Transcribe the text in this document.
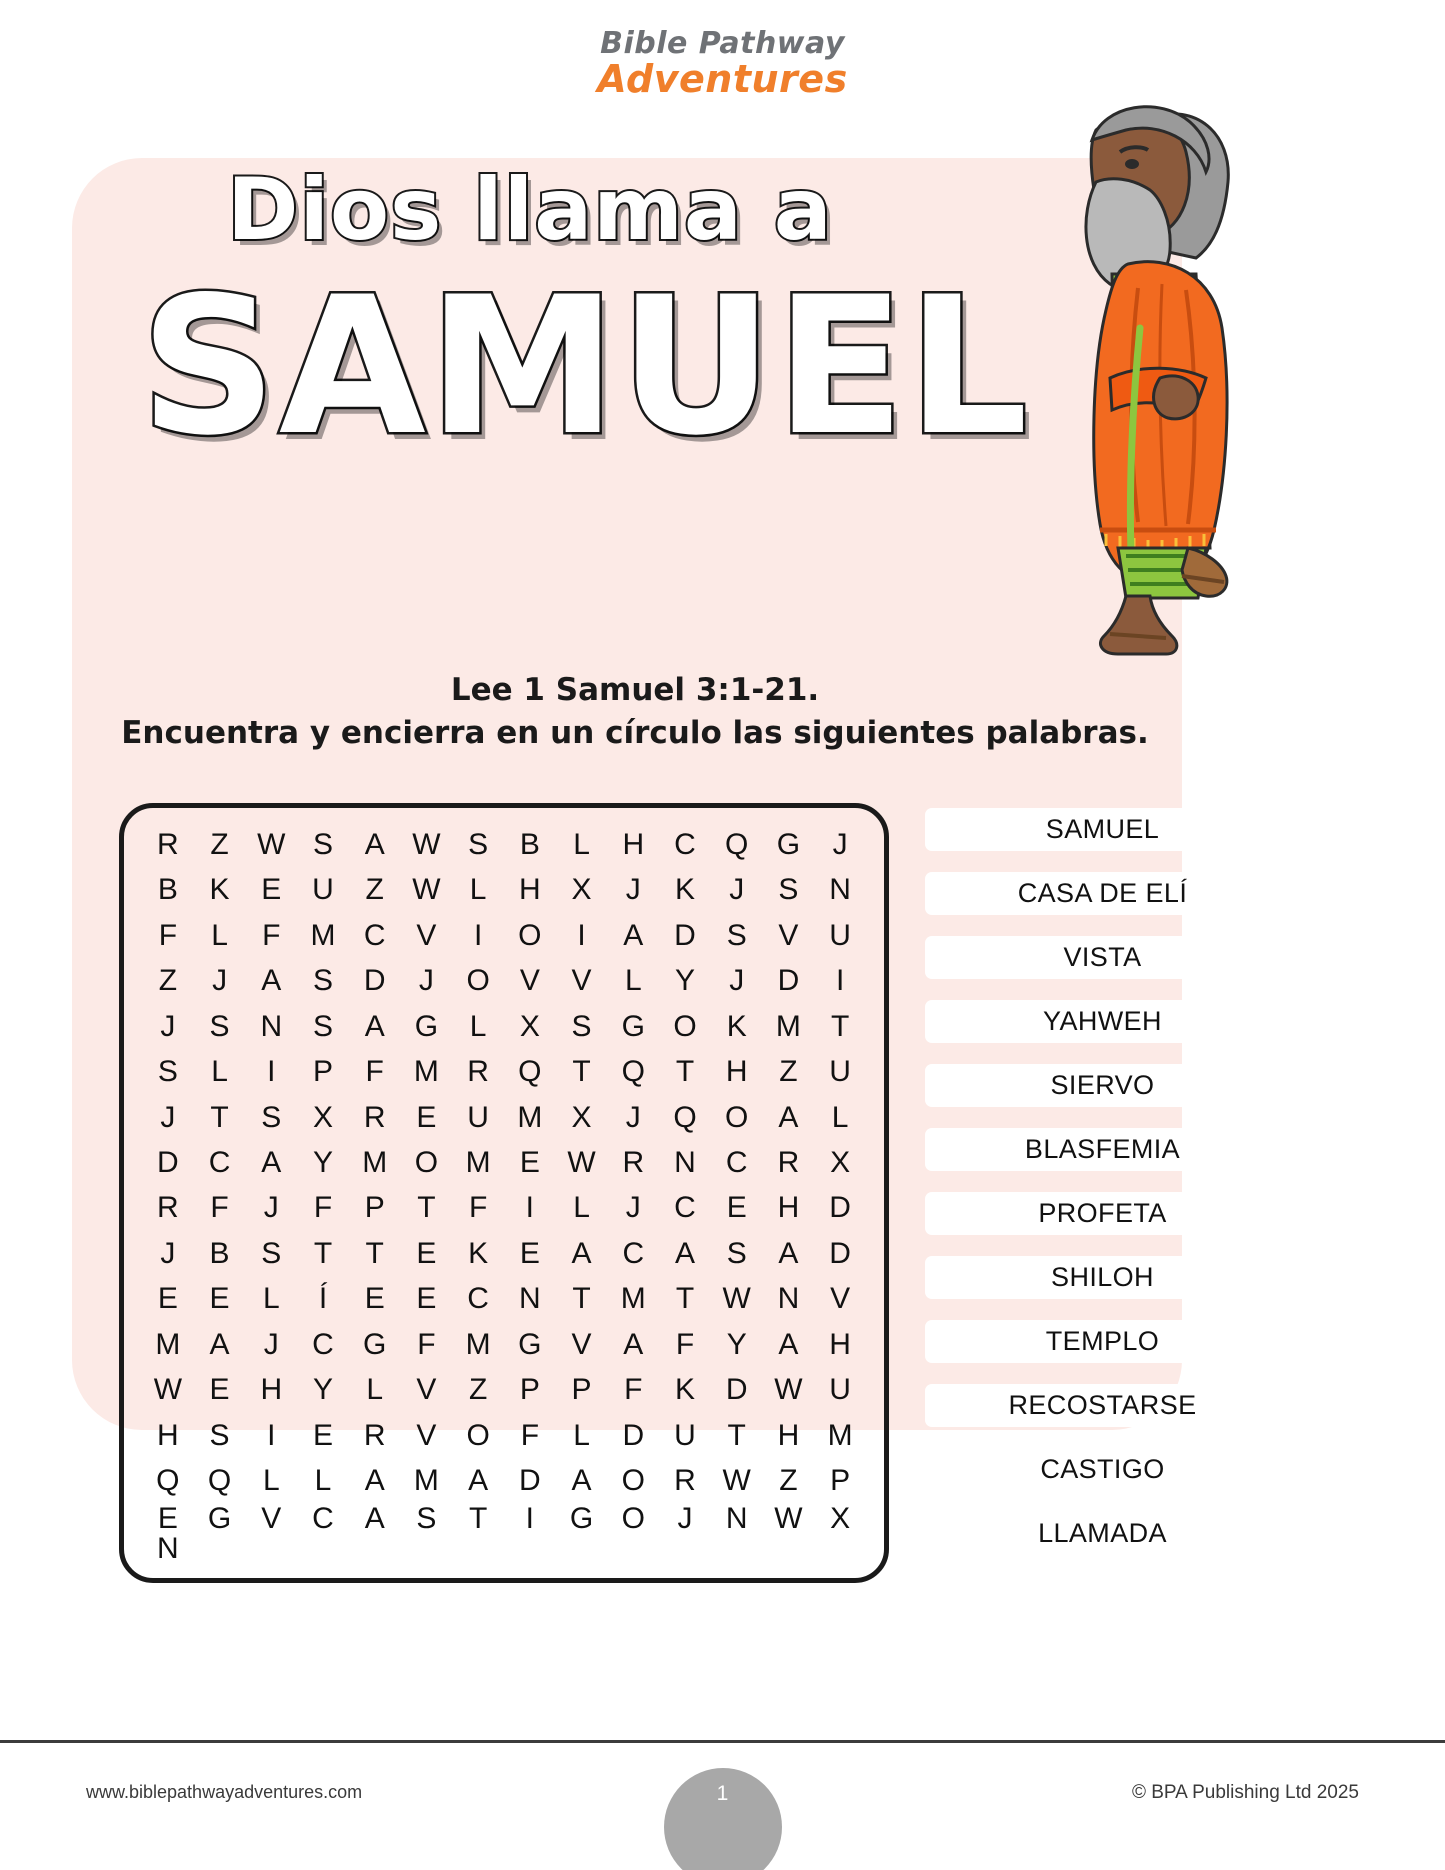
Bible Pathway
Adventures
Dios llama a
SAMUEL
Lee 1 Samuel 3:1-21.
Encuentra y encierra en un círculo las siguientes palabras.
R Z W S A W S B L H C Q G J
B K E U Z W L H X J K J S N
F L F M C V I O I A D S V U
Z J A S D J O V V L Y J D I
J S N S A G L X S G O K M T
S L I P F M R Q T Q T H Z U
J T S X R E U M X J Q O A L
D C A Y M O M E W R N C R X
R F J F P T F I L J C E H D
J B S T T E K E A C A S A D
E E L Í E E C N T M T W N V
M A J C G F M G V A F Y A H
W E H Y L V Z P P F K D W U
H S I E R V O F L D U T H M
Q Q L L A M A D A O R W Z P
E G V C A S T I G O J N W X
N
SAMUEL
CASA DE ELÍ
VISTA
YAHWEH
SIERVO
BLASFEMIA
PROFETA
SHILOH
TEMPLO
RECOSTARSE
CASTIGO
LLAMADA
www.biblepathwayadventures.com	1	© BPA Publishing Ltd 2025
